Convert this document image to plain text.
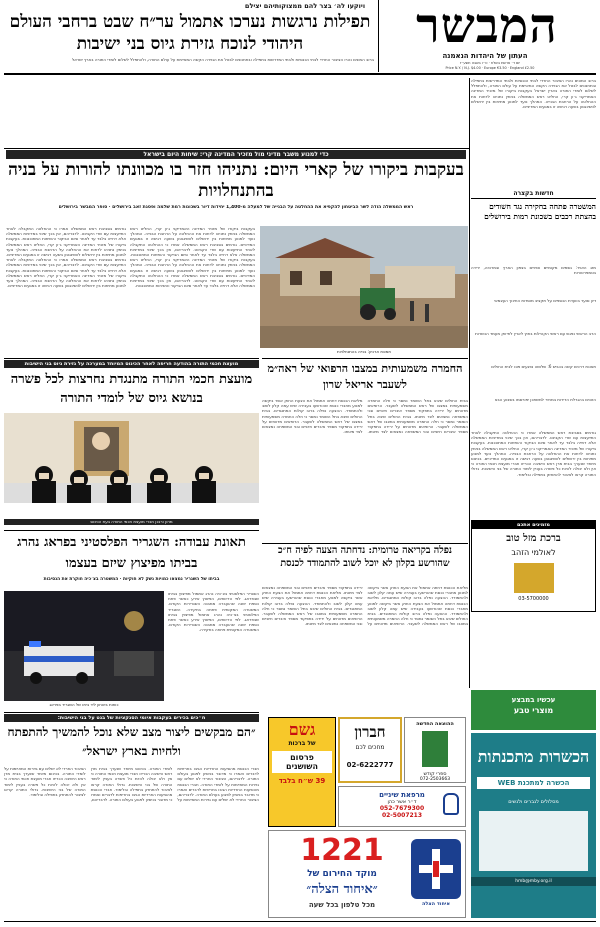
המבשר
העתון של היהדות הנאמנה
יום ד׳ פרשת בשלח · ט״ו בשבט תשע״ז
Price N.Y. / N.J. $4.00 · Europe €3.50 · England £2.50
ויוקעו לה׳ בצר להם ממצוקותיהם יצילם
תפילות נרגשות נערכו אתמול ער״ח שבט ברחבי העולם היהודי לנוכח גזירת גיוס בני ישיבות
ברוב המונים נהרו הציבור החרדי לבתי הכנסיות ולבתי המדרשות בתפילה ובתחנונים לבטל את הגזירה הקשה המאיימת על עולם התורה, ולהתפלל לשלום לומדי התורה בארץ ישראל
ברוב המונים נהרו הציבור החרדי לבתי הכנסיות ולבתי המדרשות בתפילה ובתחנונים לבטל את הגזירה הקשה המאיימת על עולם התורה, ולהתפלל לשלום לומדי התורה בארץ ישראל בעקבות ביקורו של מזכיר המדינה האמריקני ג׳ון קרי, החליט ראש הממשלה בנימין נתניהו לדחות את ההחלטה על הרחבת הבנייה. המהלך נועד למנוע מתיחות בין ירושלים לוושינגטון בשעה רגישה זו במגעים המדיניים.
כדי למנוע משבר מדיני מול מזכיר המדינה קרי: שיחות היום בישראל
בעקבות ביקורו של קארי היום: נתניהו חזר בו מכוונתו להורות על בניה בהתנחלויות
ראש הממשלה הודה לשר הביטחון להקפיא את ההחלטה על הבנייה של למעלה מ-1,400 יחידות דיור בשכונות רמת שלמה ופסגת זאב בירושלים · סופר המבשר בירושלים
תמונת ארכיון: בנייה בהתנחלויות
בעקבות ביקורו של מזכיר המדינה האמריקני ג׳ון קרי, החליט ראש הממשלה בנימין נתניהו לדחות את ההחלטה על הרחבת הבנייה. המהלך נועד למנוע מתיחות בין ירושלים לוושינגטון בשעה רגישה זו במגעים המדיניים. גורמים בסביבת ראש הממשלה אמרו כי ההחלטה התקבלה לאחר התייעצות עם שרי הקבינט. לדבריהם, אין בכך שינוי במדיניות הממשלה אלא דחייה בלבד עד לאחר סיום הביקור והשיחות המתוכננות. בעקבות ביקורו של מזכיר המדינה האמריקני ג׳ון קרי, החליט ראש הממשלה בנימין נתניהו לדחות את ההחלטה על הרחבת הבנייה. המהלך נועד למנוע מתיחות בין ירושלים לוושינגטון בשעה רגישה זו במגעים המדיניים. גורמים בסביבת ראש הממשלה אמרו כי ההחלטה התקבלה לאחר התייעצות עם שרי הקבינט. לדבריהם, אין בכך שינוי במדיניות הממשלה אלא דחייה בלבד עד לאחר סיום הביקור והשיחות המתוכננות.
גורמים בסביבת ראש הממשלה אמרו כי ההחלטה התקבלה לאחר התייעצות עם שרי הקבינט. לדבריהם, אין בכך שינוי במדיניות הממשלה אלא דחייה בלבד עד לאחר סיום הביקור והשיחות המתוכננות. בעקבות ביקורו של מזכיר המדינה האמריקני ג׳ון קרי, החליט ראש הממשלה בנימין נתניהו לדחות את ההחלטה על הרחבת הבנייה. המהלך נועד למנוע מתיחות בין ירושלים לוושינגטון בשעה רגישה זו במגעים המדיניים. גורמים בסביבת ראש הממשלה אמרו כי ההחלטה התקבלה לאחר התייעצות עם שרי הקבינט. לדבריהם, אין בכך שינוי במדיניות הממשלה אלא דחייה בלבד עד לאחר סיום הביקור והשיחות המתוכננות. בעקבות ביקורו של מזכיר המדינה האמריקני ג׳ון קרי, החליט ראש הממשלה בנימין נתניהו לדחות את ההחלטה על הרחבת הבנייה. המהלך נועד למנוע מתיחות בין ירושלים לוושינגטון בשעה רגישה זו במגעים המדיניים.
חדשות בקצרה
המשטרה פתחה בחקירה נגד חשודים בהצתת רכבים בשכונת רמות בירושלים
מזג האויר: גשמים מקומיים צפויים בצפון הארץ ובמרכזה, ירידה בטמפרטורות
דיון סוער בוועדת הכספים על תקציב מוסדות החינוך העצמאי
הרב הראשי נפגש עם ראשי הקהילות בחוץ לארץ לחיזוק מעמד הכשרות
תאונת דרכים קשה בכביש 6: שלושה נפגעים פונו לבית החולים
הזוכים בהגרלת הדירות במחיר למשתכן יפורסמו בשבוע הבא
גורמים בסביבת ראש הממשלה אמרו כי ההחלטה התקבלה לאחר התייעצות עם שרי הקבינט. לדבריהם, אין בכך שינוי במדיניות הממשלה אלא דחייה בלבד עד לאחר סיום הביקור והשיחות המתוכננות. בעקבות ביקורו של מזכיר המדינה האמריקני ג׳ון קרי, החליט ראש הממשלה בנימין נתניהו לדחות את ההחלטה על הרחבת הבנייה. המהלך נועד למנוע מתיחות בין ירושלים לוושינגטון בשעה רגישה זו במגעים המדיניים. בכינוס מיוחד שנערך בבית מרן ראש הישיבה הכריזו חברי מועצת חכמי התורה כי אין ולא יכולה להיות כל פשרה בעניין לימוד התורה של בני הישיבות. גדולי התורה קראו לציבור להתחזק בתפילה ובלימוד.
החמרה משמעותית במצבו הרפואי של ראה״מ לשעבר אריאל שרון
בבית החולים שיבא בתל השומר נמסר כי חלה החמרה משמעותית במצבו של ראש הממשלה לשעבר. הרופאים מדווחים על ירידה בתפקוד מספר איברים חיוניים ובני המשפחה נמצאים לצד מיטתו. בבית החולים שיבא בתל השומר נמסר כי חלה החמרה משמעותית במצבו של ראש הממשלה לשעבר. הרופאים מדווחים על ירידה בתפקוד מספר איברים חיוניים ובני המשפחה נמצאים לצד מיטתו. מליאת הכנסת דחתה אתמול את הצעת החוק אשר ביקשה למנוע מחברי כנסת שהורשעו בעבירה שיש עמה קלון לשוב ולהתמודד. ההצעה נפלה ברוב קולות המתנגדים. בבית החולים שיבא בתל השומר נמסר כי חלה החמרה משמעותית במצבו של ראש הממשלה לשעבר. הרופאים מדווחים על ירידה בתפקוד מספר איברים חיוניים ובני המשפחה נמצאים לצד מיטתו.
מועצת חכמי התורה בהודעה חריפה לאחר הכינוס המיוחד במערכה על גזירת גיוס בני הישיבות
מועצת חכמי התורה מתנגדת נחרצות לכל פשרה בנושא גיוס של לומדי התורה
מרנן ורבנן חברי מועצת חכמי התורה בעת הכינוס
תאונת עבודה: השגריר הפלסטיני בפראג נהרג בביתו מפיצוץ שיזם בעצמו
בביתו של השגריר נמצאו כמויות נשק לא חוקיות · המשטרה בצ׳כיה חוקרת את הנסיבות
כוחות ביטחון ליד ביתו של השגריר בפראג
השגריר הפלסטיני בצ׳כיה נהרג אתמול מפיצוץ בביתו שבפראג. לפי הדיווחים, הפיצוץ אירע כאשר פתח כספת ישנה שהועברה ממבנה השגרירות הקודם. המשטרה המקומית פתחה בחקירה. השגריר הפלסטיני בצ׳כיה נהרג אתמול מפיצוץ בביתו שבפראג. לפי הדיווחים, הפיצוץ אירע כאשר פתח כספת ישנה שהועברה ממבנה השגרירות הקודם. המשטרה המקומית פתחה בחקירה.
נפלה בקריאה טרומית: נדחתה הצעה לפיה ח״כ שהורשע בקלון לא יוכל לשוב להתמודד לכנסת
מזמינים אתכם
ברכת מזל טוב
לאולמי הזהב
03-5700000
מליאת הכנסת דחתה אתמול את הצעת החוק אשר ביקשה למנוע מחברי כנסת שהורשעו בעבירה שיש עמה קלון לשוב ולהתמודד. ההצעה נפלה ברוב קולות המתנגדים. מליאת הכנסת דחתה אתמול את הצעת החוק אשר ביקשה למנוע מחברי כנסת שהורשעו בעבירה שיש עמה קלון לשוב ולהתמודד. ההצעה נפלה ברוב קולות המתנגדים. בבית החולים שיבא בתל השומר נמסר כי חלה החמרה משמעותית במצבו של ראש הממשלה לשעבר. הרופאים מדווחים על ירידה בתפקוד מספר איברים חיוניים ובני המשפחה נמצאים לצד מיטתו. מליאת הכנסת דחתה אתמול את הצעת החוק אשר ביקשה למנוע מחברי כנסת שהורשעו בעבירה שיש עמה קלון לשוב ולהתמודד. ההצעה נפלה ברוב קולות המתנגדים. בבית החולים שיבא בתל השומר נמסר כי חלה החמרה משמעותית במצבו של ראש הממשלה לשעבר. הרופאים מדווחים על ירידה בתפקוד מספר איברים חיוניים ובני המשפחה נמצאים לצד מיטתו.
גשם
של ברכות
פרסום השושנים
39 ש״ח בלבד
חברון
מחכים לכם
02-6222777
ההוצאה החדשה
ספרי קודש
072-2503663
מרפאת שיניים
ד״ר אשר כהן
052-7679300
02-5007213
עכשיו במבצע
מוצרי טבע
הכשרות מתכנתות
הכשרה למתכנת WEB
מסלולים לגברים ולנשים
hmb@mby.org.il
ח״כים בכירים בעקבות איומי הסנקציות של בנט על בני הישיבות:
״הם מבקשים ליצור מצב שלא נוכל להמשיך להתפתח ולחיות בארץ ישראל״
חברי הכנסת מהסיעות החרדיות הגיבו בחריפות לדברים ואמרו כי מדובר בניסיון לפגוע בעולם התורה. לדבריהם, הציבור החרדי לא ישלים עם גזירות המאיימות על לומדי התורה. חברי הכנסת מהסיעות החרדיות הגיבו בחריפות לדברים ואמרו כי מדובר בניסיון לפגוע בעולם התורה. לדבריהם, הציבור החרדי לא ישלים עם גזירות המאיימות על לומדי התורה. בכינוס מיוחד שנערך בבית מרן ראש הישיבה הכריזו חברי מועצת חכמי התורה כי אין ולא יכולה להיות כל פשרה בעניין לימוד התורה של בני הישיבות. גדולי התורה קראו לציבור להתחזק בתפילה ובלימוד. חברי הכנסת מהסיעות החרדיות הגיבו בחריפות לדברים ואמרו כי מדובר בניסיון לפגוע בעולם התורה. לדבריהם, הציבור החרדי לא ישלים עם גזירות המאיימות על לומדי התורה. בכינוס מיוחד שנערך בבית מרן ראש הישיבה הכריזו חברי מועצת חכמי התורה כי אין ולא יכולה להיות כל פשרה בעניין לימוד התורה של בני הישיבות. גדולי התורה קראו לציבור להתחזק בתפילה ובלימוד.
איחוד הצלה
1221
מוקד החירום של
״איחוד הצלה״
מכל טלפון בכל שעה
